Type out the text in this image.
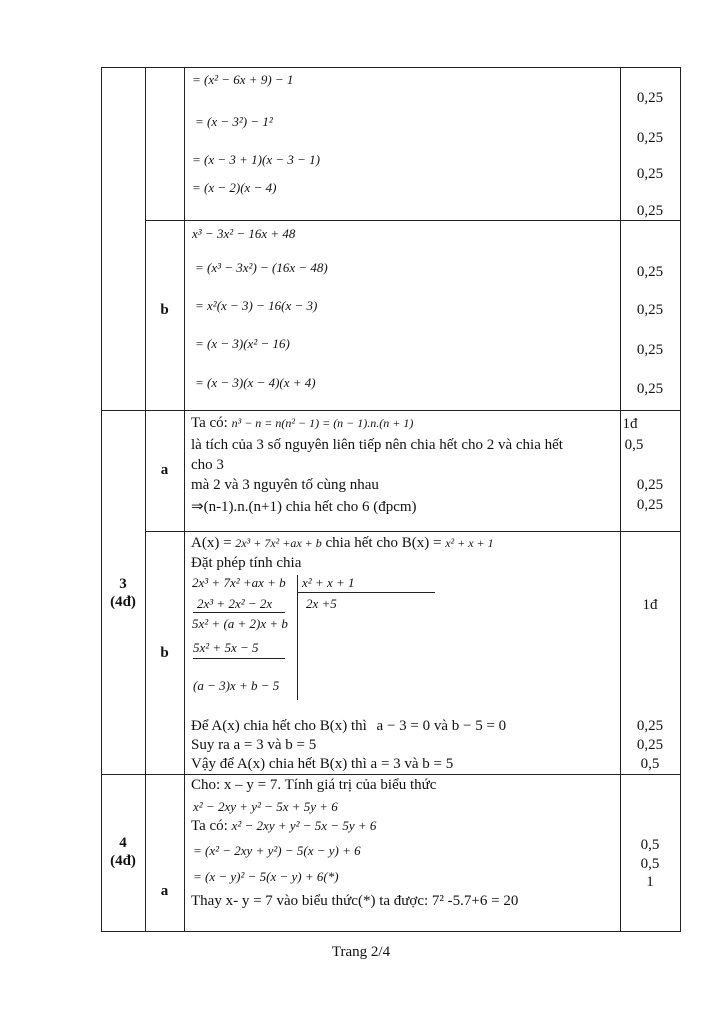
= (x² − 6x + 9) − 1
= (x − 3²) − 1²
= (x − 3 + 1)(x − 3 − 1)
= (x − 2)(x − 4)
0,25
0,25
0,25
0,25
b
x³ − 3x² − 16x + 48
= (x³ − 3x²) − (16x − 48)
= x²(x − 3) − 16(x − 3)
= (x − 3)(x² − 16)
= (x − 3)(x − 4)(x + 4)
0,25
0,25
0,25
0,25
3
(4đ)
a
Ta có: n³ − n = n(n² − 1) = (n − 1).n.(n + 1)
là tích của 3 số nguyên liên tiếp nên chia hết cho 2 và chia hết
cho 3
mà 2 và 3 nguyên tố cùng nhau
⇒(n-1).n.(n+1) chia hết cho 6 (đpcm)
1đ
0,5
0,25
0,25
b
A(x) = 2x³ + 7x² +ax + b chia hết cho B(x) = x² + x + 1
Đặt phép tính chia
2x³ + 7x² +ax + b x² + x + 1
2x +5
2x³ + 2x² − 2x
5x² + (a + 2)x + b
5x² + 5x − 5
(a − 3)x + b − 5
1đ
Để A(x) chia hết cho B(x) thì a − 3 = 0 và b − 5 = 0
Suy ra a = 3 và b = 5
Vậy để A(x) chia hết B(x) thì a = 3 và b = 5
0,25
0,25
0,5
4
(4đ)
a
Cho: x – y = 7. Tính giá trị của biểu thức
x² − 2xy + y² − 5x + 5y + 6
Ta có: x² − 2xy + y² − 5x − 5y + 6
= (x² − 2xy + y²) − 5(x − y) + 6
= (x − y)² − 5(x − y) + 6(*)
Thay x- y = 7 vào biểu thức(*) ta được: 7² -5.7+6 = 20
0,5
0,5
1
Trang 2/4
